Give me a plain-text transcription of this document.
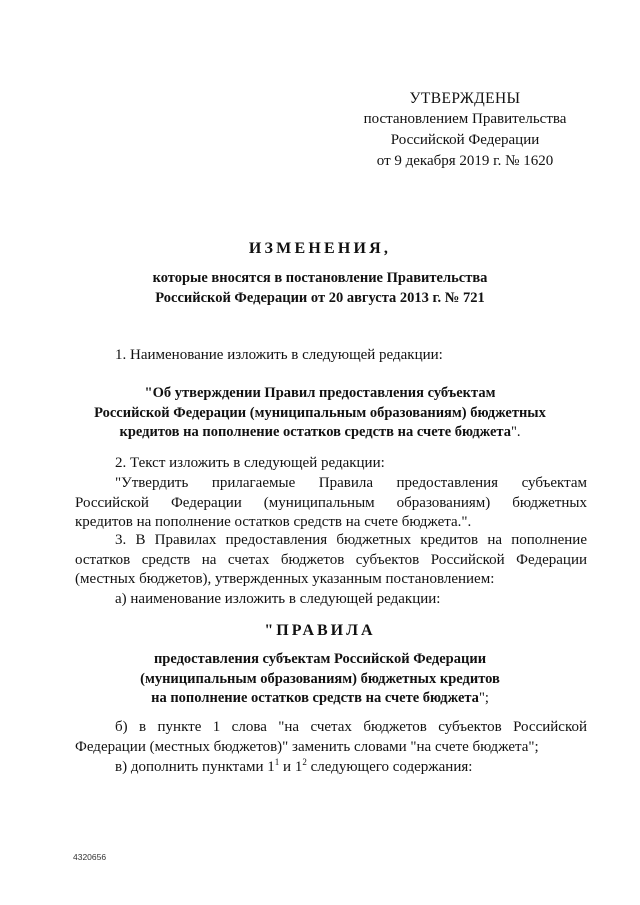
УТВЕРЖДЕНЫ
постановлением Правительства
Российской Федерации
от 9 декабря 2019 г. № 1620
ИЗМЕНЕНИЯ,
которые вносятся в постановление Правительства
Российской Федерации от 20 августа 2013 г. № 721
1. Наименование изложить в следующей редакции:
"Об утверждении Правил предоставления субъектам
Российской Федерации (муниципальным образованиям) бюджетных
кредитов на пополнение остатков средств на счете бюджета".
2. Текст изложить в следующей редакции:
"Утвердить прилагаемые Правила предоставления субъектам
Российской Федерации (муниципальным образованиям) бюджетных
кредитов на пополнение остатков средств на счете бюджета.".
3. В Правилах предоставления бюджетных кредитов на пополнение
остатков средств на счетах бюджетов субъектов Российской Федерации
(местных бюджетов), утвержденных указанным постановлением:
а) наименование изложить в следующей редакции:
"ПРАВИЛА
предоставления субъектам Российской Федерации
(муниципальным образованиям) бюджетных кредитов
на пополнение остатков средств на счете бюджета";
б) в пункте 1 слова "на счетах бюджетов субъектов Российской
Федерации (местных бюджетов)" заменить словами "на счете бюджета";
в) дополнить пунктами $1^1$ и $1^2$ следующего содержания:
4320656
